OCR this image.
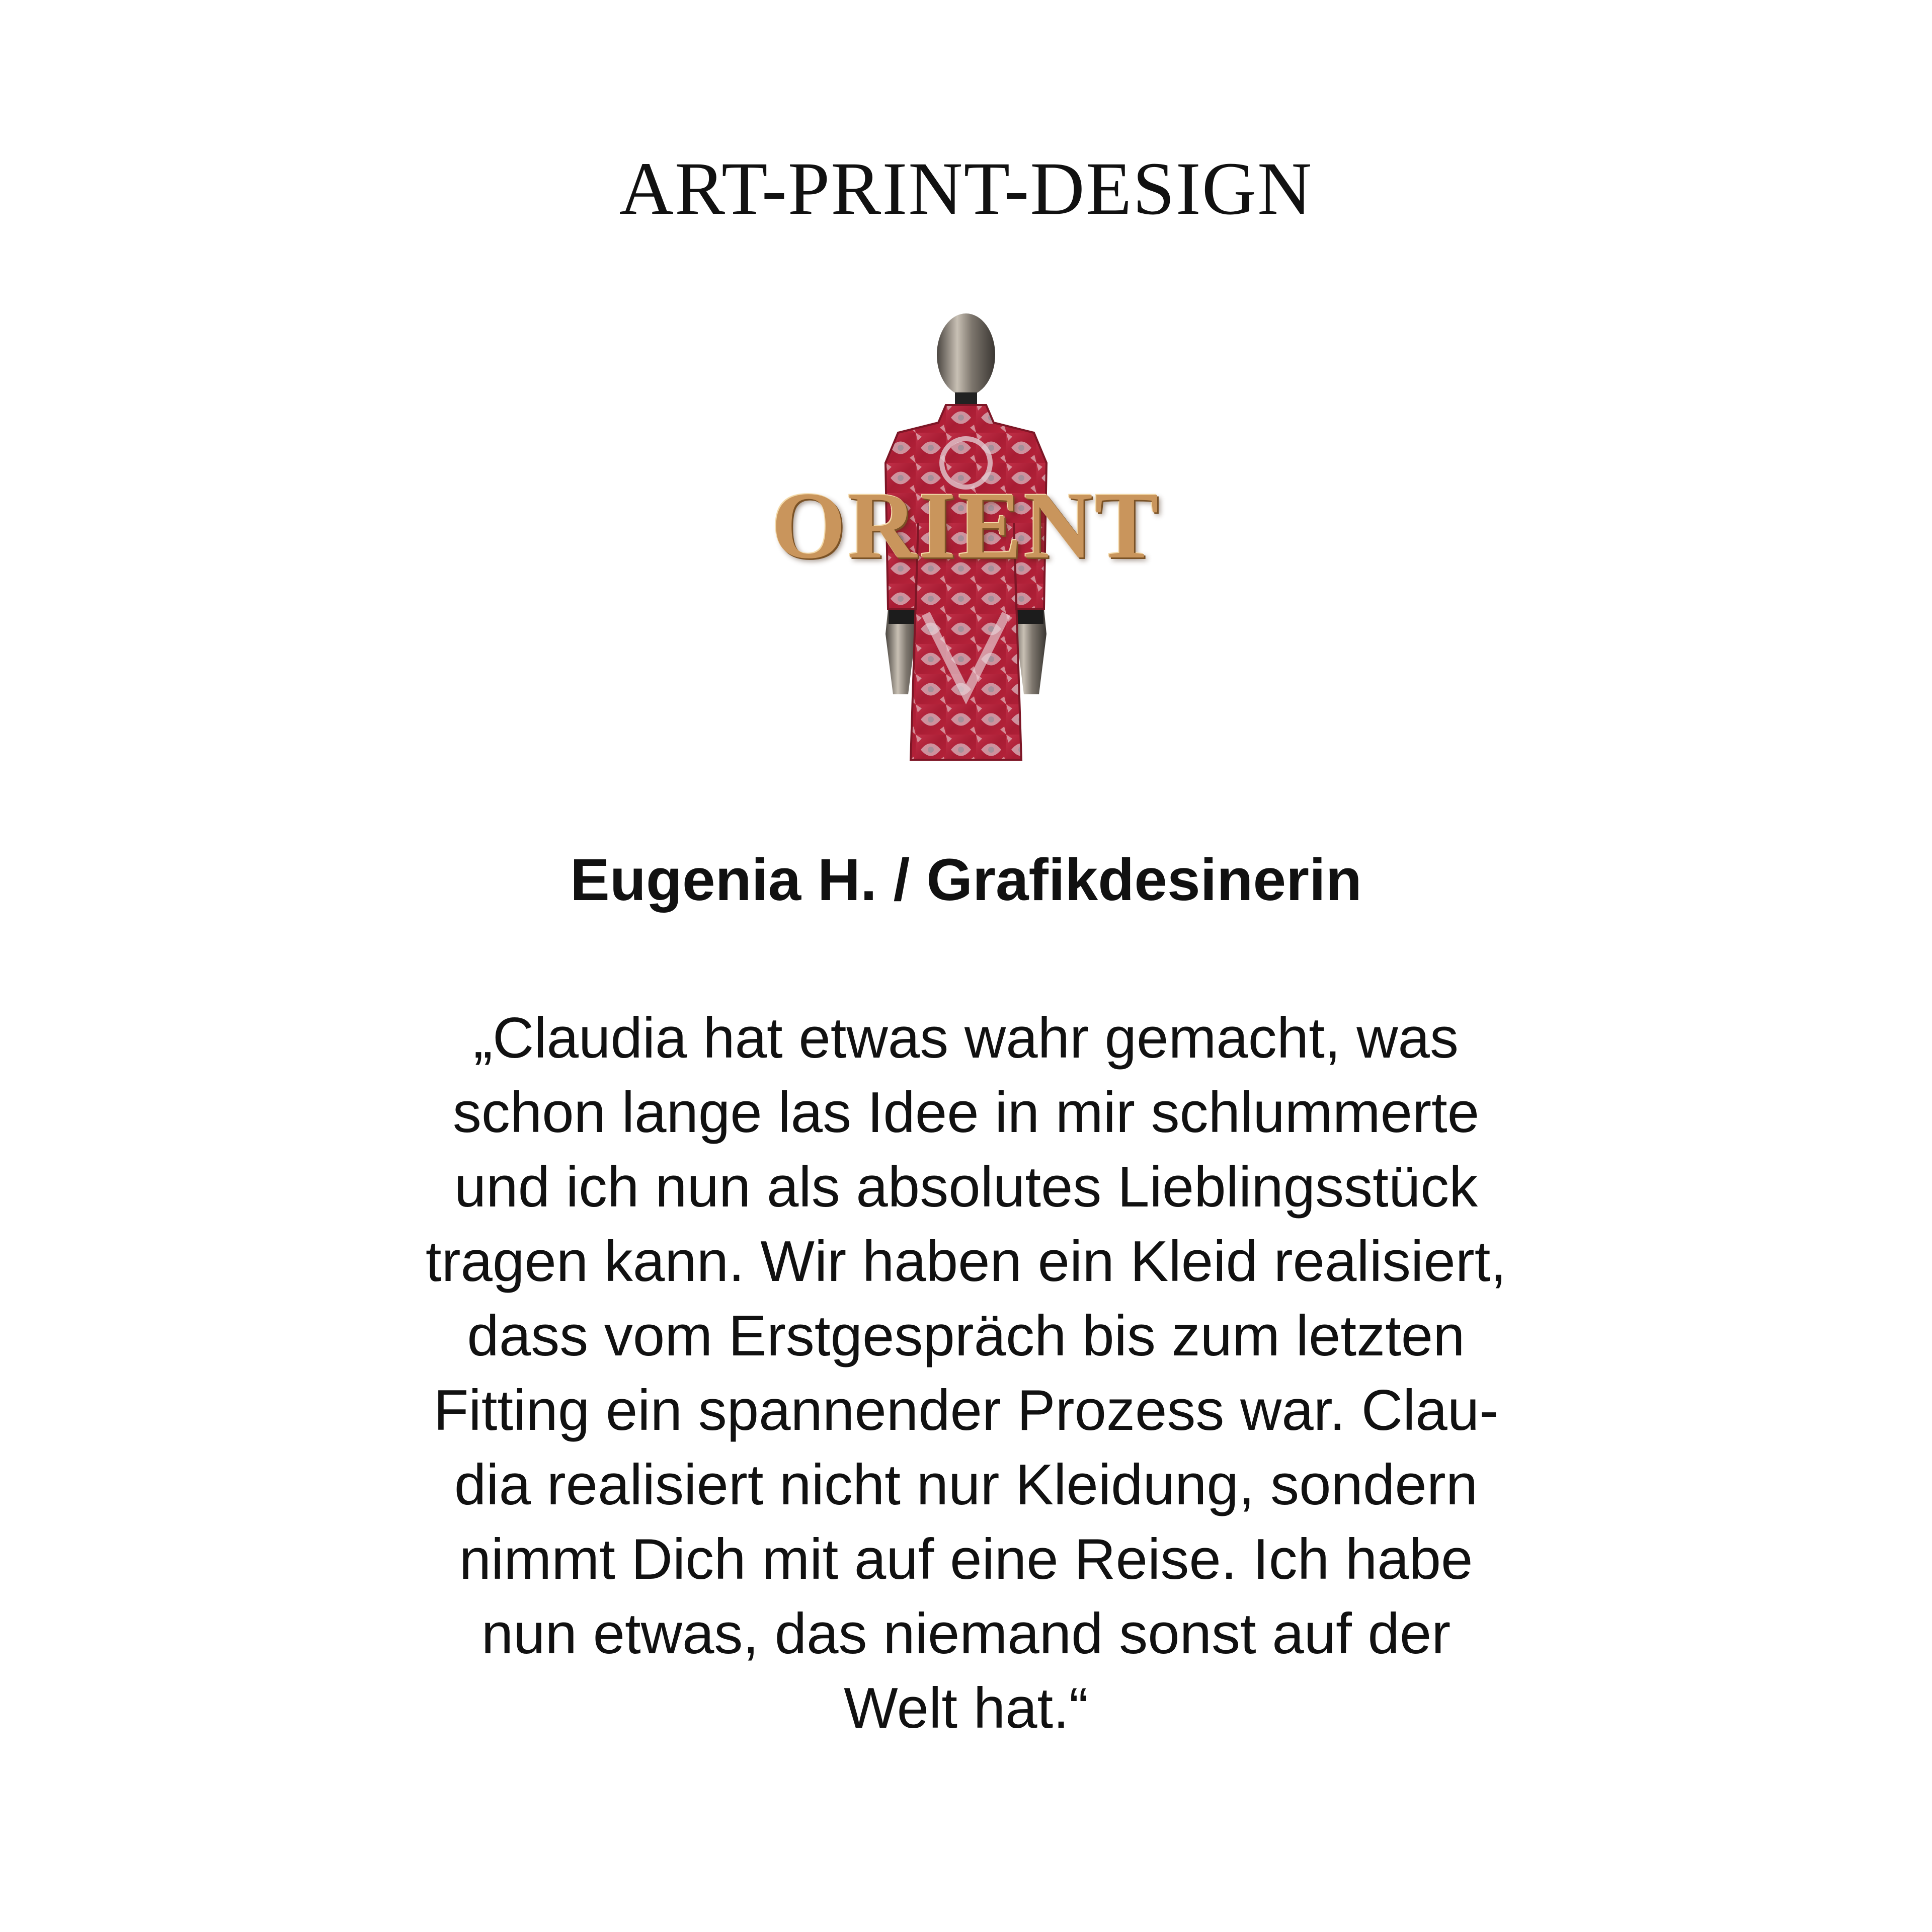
ART-PRINT-DESIGN
ORIENT
Eugenia H. / Grafikdesinerin
„Claudia hat etwas wahr gemacht, was
schon lange las Idee in mir schlummerte
und ich nun als absolutes Lieblingsstück
tragen kann. Wir haben ein Kleid realisiert,
dass vom Erstgespräch bis zum letzten
Fitting ein spannender Prozess war. Clau-
dia realisiert nicht nur Kleidung, sondern
nimmt Dich mit auf eine Reise. Ich habe
nun etwas, das niemand sonst auf der
Welt hat.“
